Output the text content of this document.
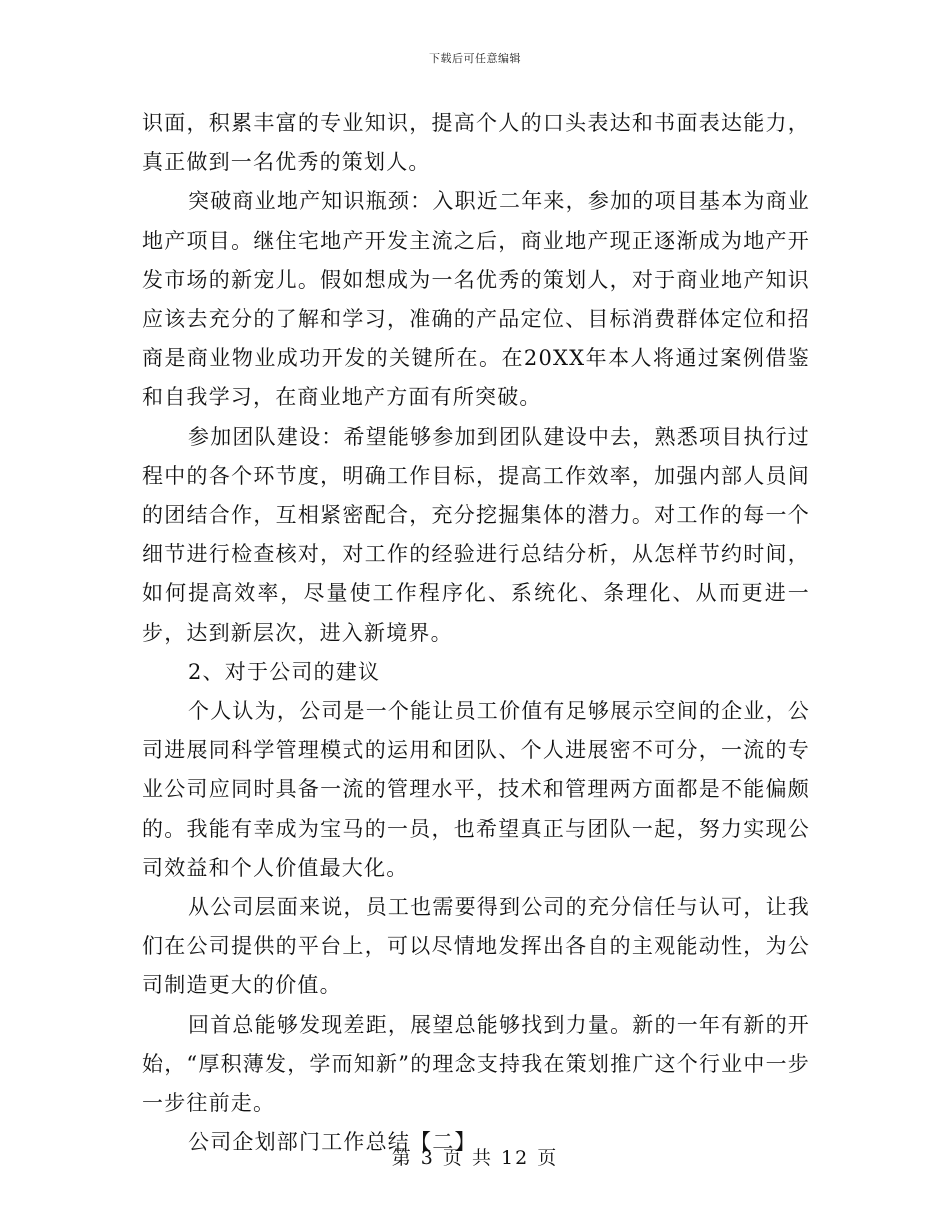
下载后可任意编辑

识面，积累丰富的专业知识，提高个人的口头表达和书面表达能力，真正做到一名优秀的策划人。

突破商业地产知识瓶颈：入职近二年来，参加的项目基本为商业地产项目。继住宅地产开发主流之后，商业地产现正逐渐成为地产开发市场的新宠儿。假如想成为一名优秀的策划人，对于商业地产知识应该去充分的了解和学习，准确的产品定位、目标消费群体定位和招商是商业物业成功开发的关键所在。在20XX年本人将通过案例借鉴和自我学习，在商业地产方面有所突破。

参加团队建设：希望能够参加到团队建设中去，熟悉项目执行过程中的各个环节度，明确工作目标，提高工作效率，加强内部人员间的团结合作，互相紧密配合，充分挖掘集体的潜力。对工作的每一个细节进行检查核对，对工作的经验进行总结分析，从怎样节约时间，如何提高效率，尽量使工作程序化、系统化、条理化、从而更进一步，达到新层次，进入新境界。

2、对于公司的建议

个人认为，公司是一个能让员工价值有足够展示空间的企业，公司进展同科学管理模式的运用和团队、个人进展密不可分，一流的专业公司应同时具备一流的管理水平，技术和管理两方面都是不能偏颇的。我能有幸成为宝马的一员，也希望真正与团队一起，努力实现公司效益和个人价值最大化。

从公司层面来说，员工也需要得到公司的充分信任与认可，让我们在公司提供的平台上，可以尽情地发挥出各自的主观能动性，为公司制造更大的价值。

回首总能够发现差距，展望总能够找到力量。新的一年有新的开始，“厚积薄发，学而知新”的理念支持我在策划推广这个行业中一步一步往前走。

公司企划部门工作总结【二】

第 3 页 共 12 页
